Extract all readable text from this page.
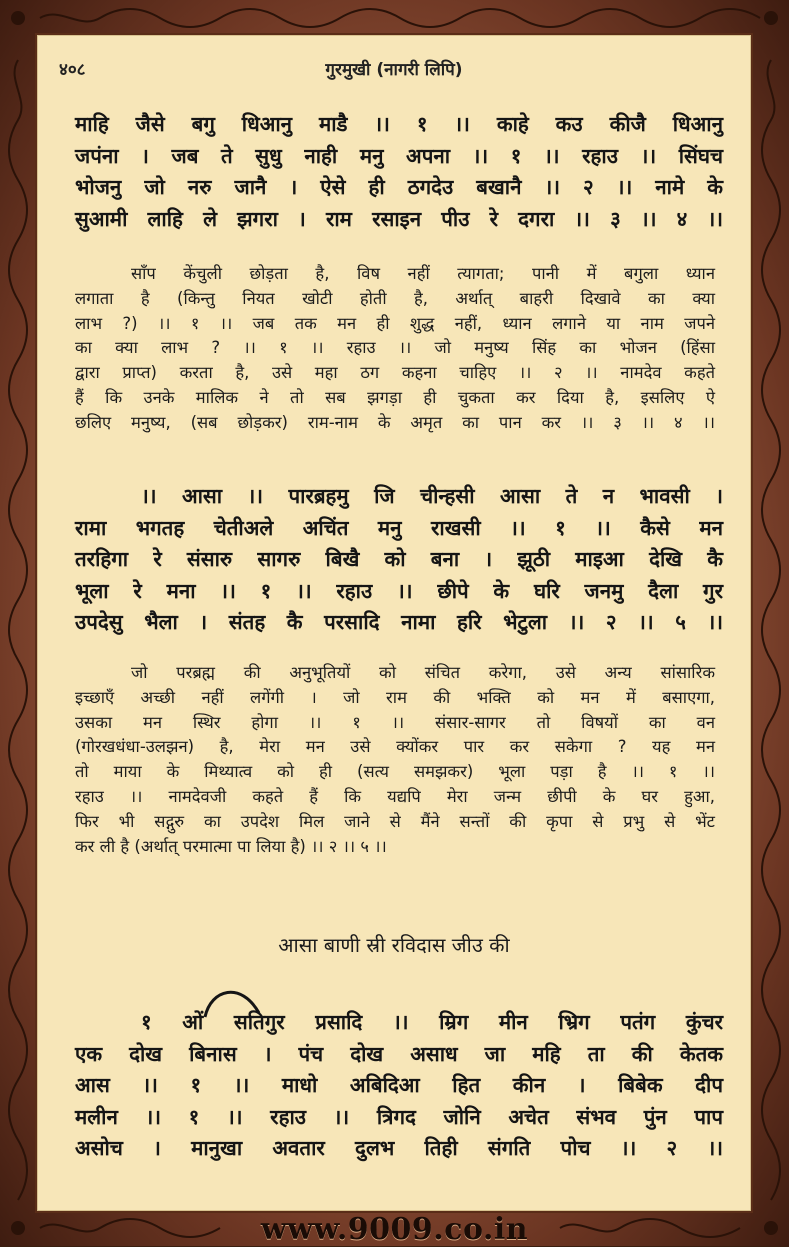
४०८	गुरमुखी (नागरी लिपि)
माहि जैसे बगु धिआनु माडै ।। १ ।। काहे कउ कीजै धिआनु
जपंना । जब ते सुधु नाही मनु अपना ।। १ ।। रहाउ ।। सिंघच
भोजनु जो नरु जानै । ऐसे ही ठगदेउ बखानै ।। २ ।। नामे के
सुआमी लाहि ले झगरा । राम रसाइन पीउ रे दगरा ।। ३ ।। ४ ।।
साँप केंचुली छोड़ता है, विष नहीं त्यागता; पानी में बगुला ध्यान
लगाता है (किन्तु नियत खोटी होती है, अर्थात् बाहरी दिखावे का क्या
लाभ ?) ।। १ ।। जब तक मन ही शुद्ध नहीं, ध्यान लगाने या नाम जपने
का क्या लाभ ? ।। १ ।। रहाउ ।। जो मनुष्य सिंह का भोजन (हिंसा
द्वारा प्राप्त) करता है, उसे महा ठग कहना चाहिए ।। २ ।। नामदेव कहते
हैं कि उनके मालिक ने तो सब झगड़ा ही चुकता कर दिया है, इसलिए ऐ
छलिए मनुष्य, (सब छोड़कर) राम-नाम के अमृत का पान कर ।। ३ ।। ४ ।।
।। आसा ।। पारब्रहमु जि चीन्हसी आसा ते न भावसी ।
रामा भगतह चेतीअले अचिंत मनु राखसी ।। १ ।। कैसे मन
तरहिगा रे संसारु सागरु बिखै को बना । झूठी माइआ देखि कै
भूला रे मना ।। १ ।। रहाउ ।। छीपे के घरि जनमु दैला गुर
उपदेसु भैला । संतह कै परसादि नामा हरि भेटुला ।। २ ।। ५ ।।
जो परब्रह्म की अनुभूतियों को संचित करेगा, उसे अन्य सांसारिक
इच्छाएँ अच्छी नहीं लगेंगी । जो राम की भक्ति को मन में बसाएगा,
उसका मन स्थिर होगा ।। १ ।। संसार-सागर तो विषयों का वन
(गोरखधंधा-उलझन) है, मेरा मन उसे क्योंकर पार कर सकेगा ? यह मन
तो माया के मिथ्यात्व को ही (सत्य समझकर) भूला पड़ा है ।। १ ।।
रहाउ ।। नामदेवजी कहते हैं कि यद्यपि मेरा जन्म छीपी के घर हुआ,
फिर भी सद्गुरु का उपदेश मिल जाने से मैंने सन्तों की कृपा से प्रभु से भेंट
कर ली है (अर्थात् परमात्मा पा लिया है) ।। २ ।। ५ ।।
आसा बाणी स्री रविदास जीउ की
१ ओं सतिगुर प्रसादि ।। म्रिग मीन भ्रिग पतंग कुंचर
एक दोख बिनास । पंच दोख असाध जा महि ता की केतक
आस ।। १ ।। माधो अबिदिआ हित कीन । बिबेक दीप
मलीन ।। १ ।। रहाउ ।। त्रिगद जोनि अचेत संभव पुंन पाप
असोच । मानुखा अवतार दुलभ तिही संगति पोच ।। २ ।।
www.9009.co.in
